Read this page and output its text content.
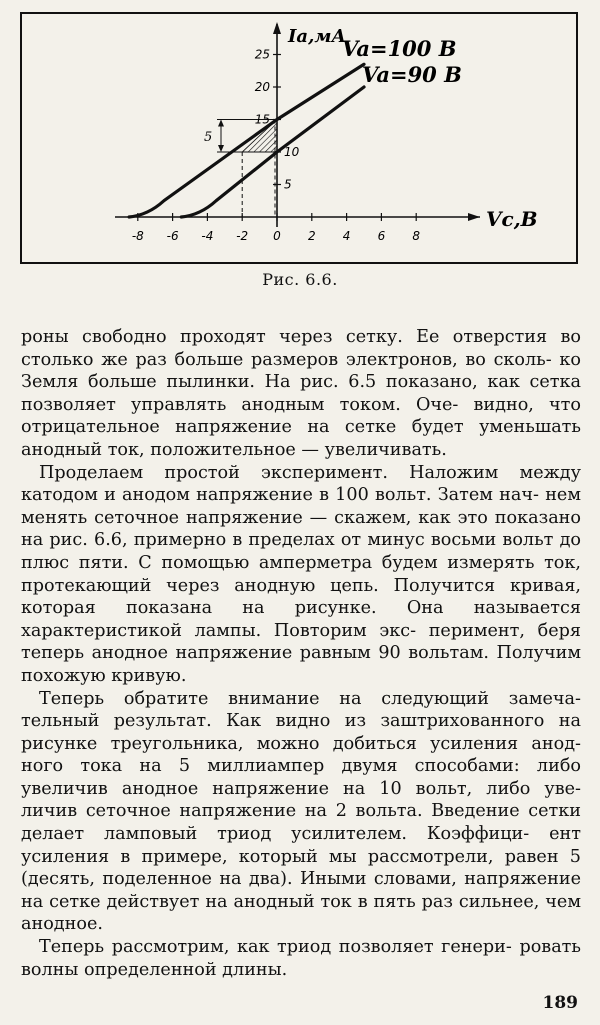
-8 -6 -4 -2 0 2 4 6 8
5
10
15
20
25
5
Ia,мА
Vc,В
Va=100 В
Va=90 В
Рис. 6.6.

роны свободно проходят через сетку. Ее отверстия во столько же раз больше размеров электронов, во сколь- ко Земля больше пылинки. На рис. 6.5 показано, как сетка позволяет управлять анодным током. Оче- видно, что отрицательное напряжение на сетке будет уменьшать анодный ток, положительное — увеличивать.

Проделаем простой эксперимент. Наложим между катодом и анодом напряжение в 100 вольт. Затем нач- нем менять сеточное напряжение — скажем, как это показано на рис. 6.6, примерно в пределах от минус восьми вольт до плюс пяти. С помощью амперметра будем измерять ток, протекающий через анодную цепь. Получится кривая, которая показана на рисунке. Она называется характеристикой лампы. Повторим экс- перимент, беря теперь анодное напряжение равным 90 вольтам. Получим похожую кривую.

Теперь обратите внимание на следующий замеча- тельный результат. Как видно из заштрихованного на рисунке треугольника, можно добиться усиления анод- ного тока на 5 миллиампер двумя способами: либо увеличив анодное напряжение на 10 вольт, либо уве- личив сеточное напряжение на 2 вольта. Введение сетки делает ламповый триод усилителем. Коэффици- ент усиления в примере, который мы рассмотрели, равен 5 (десять, поделенное на два). Иными словами, напряжение на сетке действует на анодный ток в пять раз сильнее, чем анодное.

Теперь рассмотрим, как триод позволяет генери- ровать волны определенной длины.

189
